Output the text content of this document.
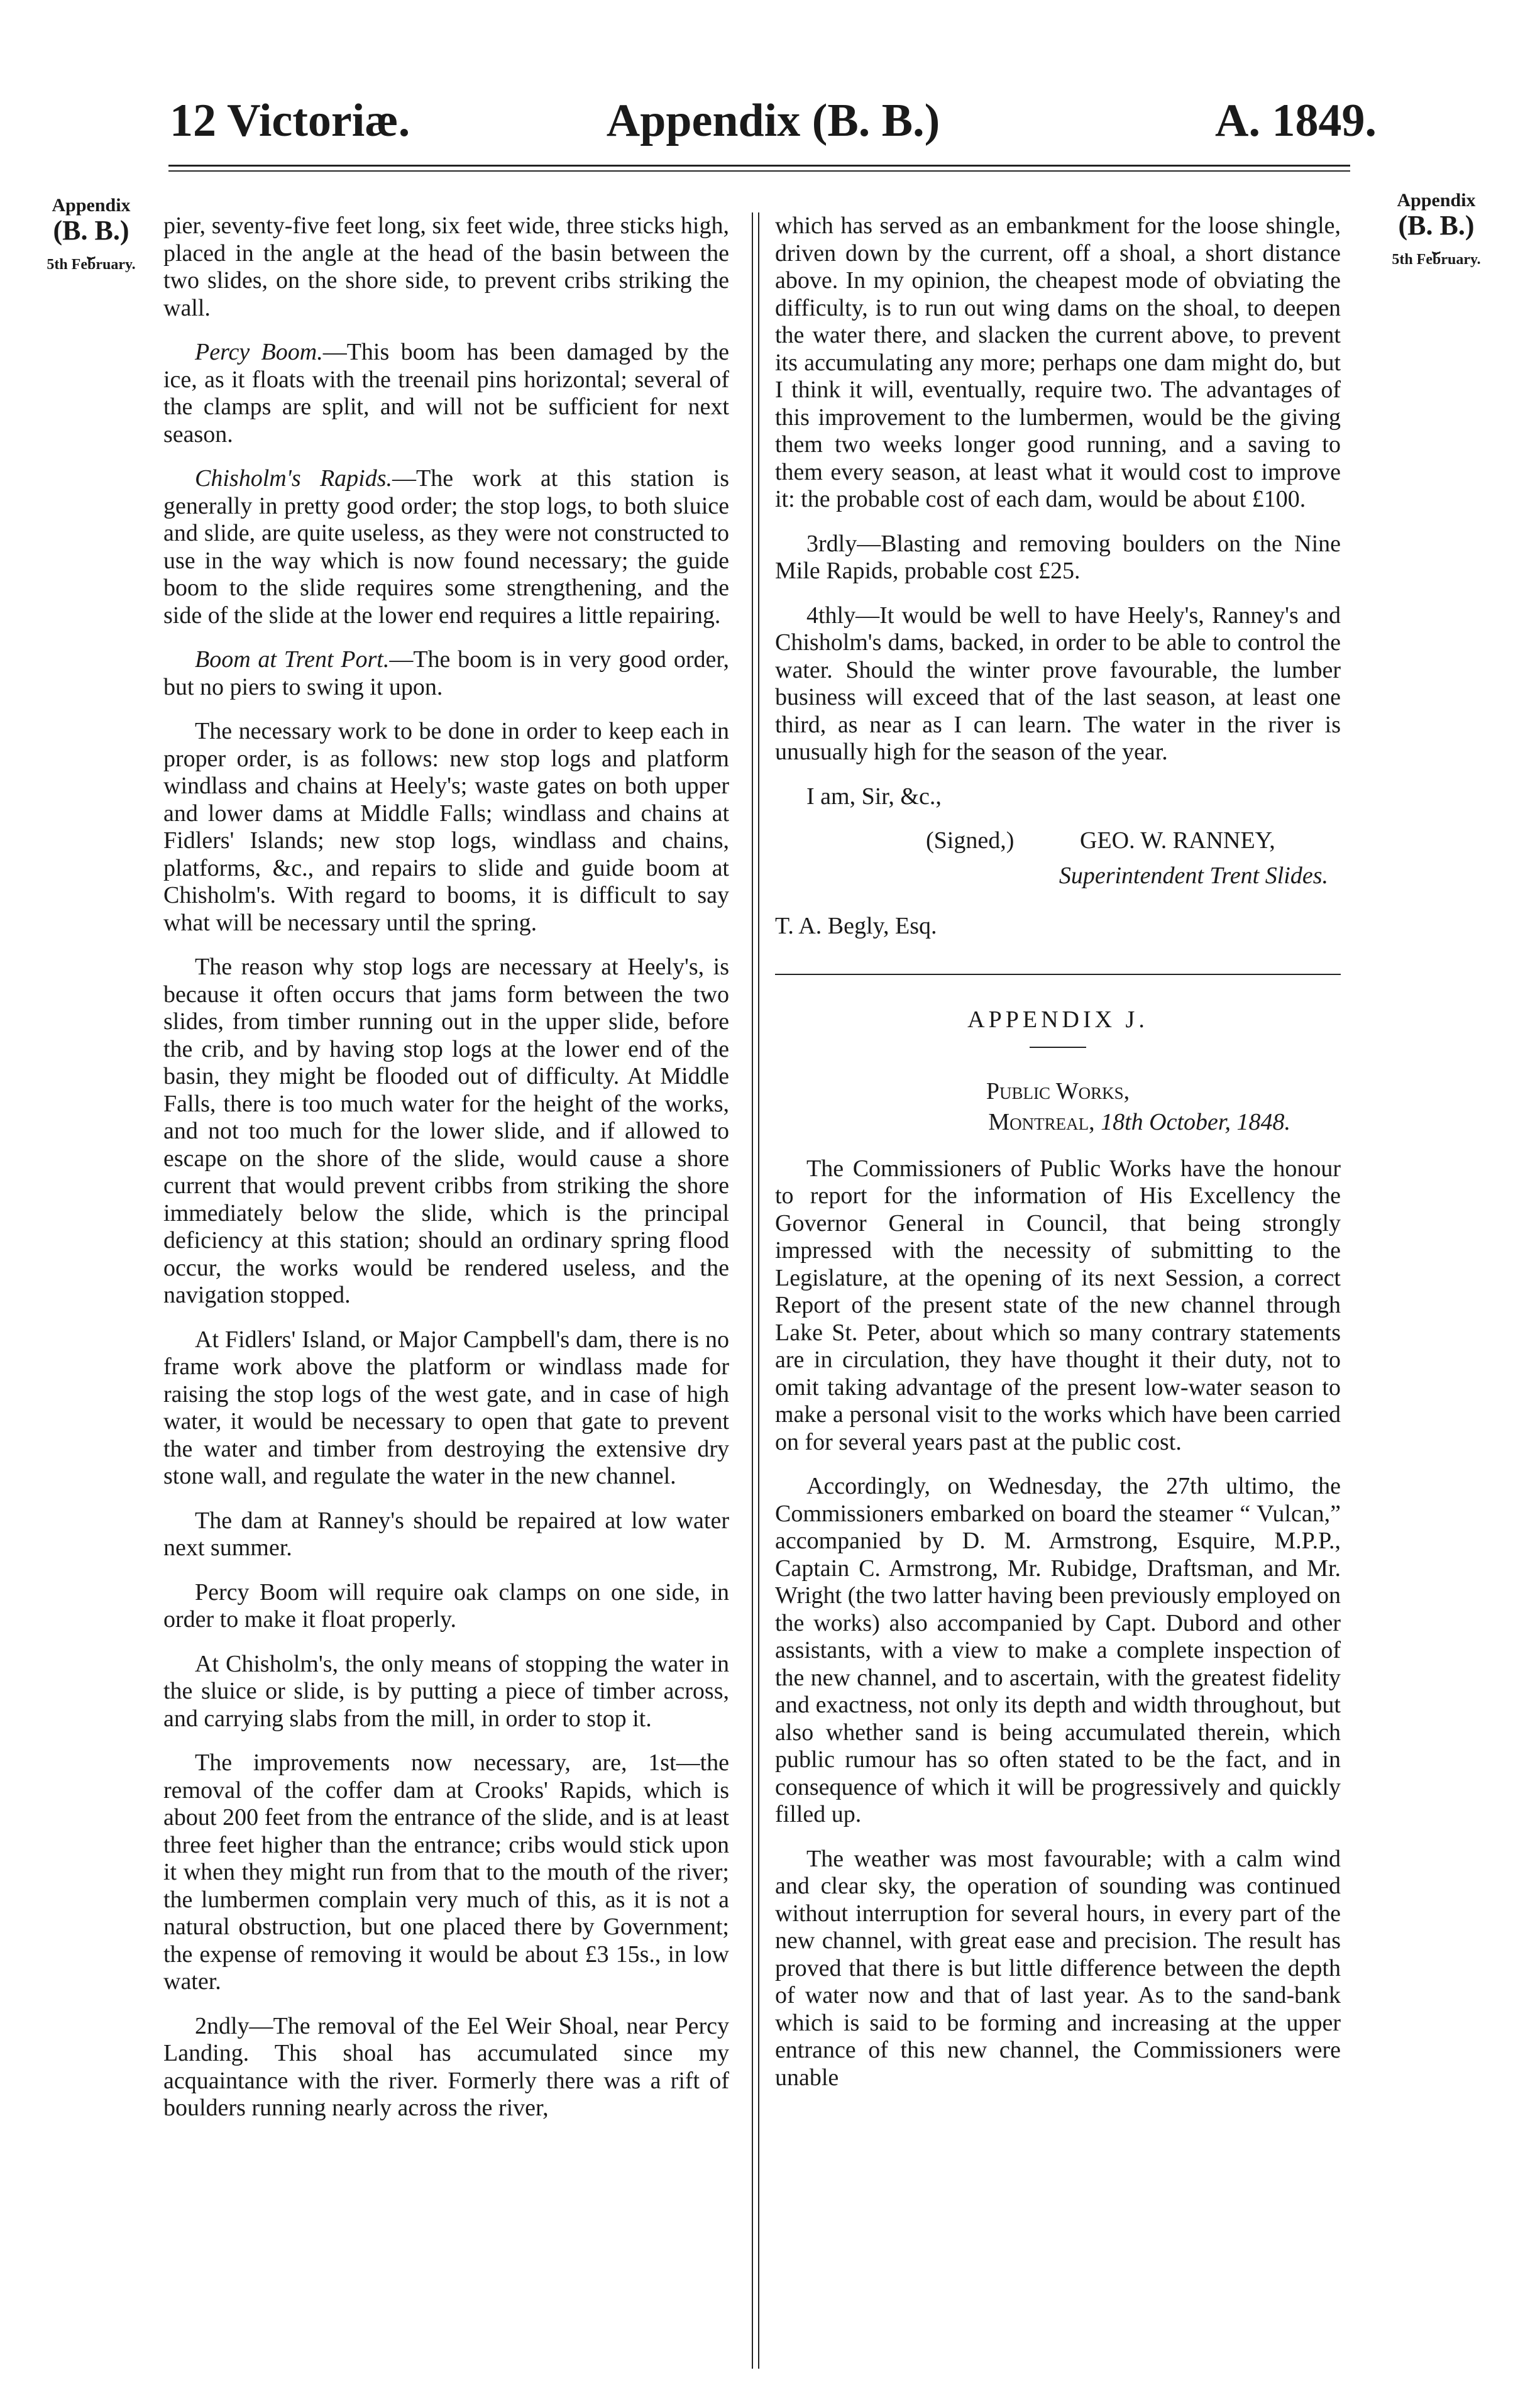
12 Victoriæ.	Appendix (B. B.)	A. 1849.
Appendix
(B. B.)
⏟
5th February.
Appendix
(B. B.)
⏟
5th February.

pier, seventy-five feet long, six feet wide, three sticks high, placed in the angle at the head of the basin between the two slides, on the shore side, to prevent cribs striking the wall.

Percy Boom.—This boom has been damaged by the ice, as it floats with the treenail pins horizontal; several of the clamps are split, and will not be sufficient for next season.

Chisholm's Rapids.—The work at this station is generally in pretty good order; the stop logs, to both sluice and slide, are quite useless, as they were not constructed to use in the way which is now found necessary; the guide boom to the slide requires some strengthening, and the side of the slide at the lower end requires a little repairing.

Boom at Trent Port.—The boom is in very good order, but no piers to swing it upon.

The necessary work to be done in order to keep each in proper order, is as follows: new stop logs and platform windlass and chains at Heely's; waste gates on both upper and lower dams at Middle Falls; windlass and chains at Fidlers' Islands; new stop logs, windlass and chains, platforms, &c., and repairs to slide and guide boom at Chisholm's. With regard to booms, it is difficult to say what will be necessary until the spring.

The reason why stop logs are necessary at Heely's, is because it often occurs that jams form between the two slides, from timber running out in the upper slide, before the crib, and by having stop logs at the lower end of the basin, they might be flooded out of difficulty. At Middle Falls, there is too much water for the height of the works, and not too much for the lower slide, and if allowed to escape on the shore of the slide, would cause a shore current that would prevent cribbs from striking the shore immediately below the slide, which is the principal deficiency at this station; should an ordinary spring flood occur, the works would be rendered useless, and the navigation stopped.

At Fidlers' Island, or Major Campbell's dam, there is no frame work above the platform or windlass made for raising the stop logs of the west gate, and in case of high water, it would be necessary to open that gate to prevent the water and timber from destroying the extensive dry stone wall, and regulate the water in the new channel.

The dam at Ranney's should be repaired at low water next summer.

Percy Boom will require oak clamps on one side, in order to make it float properly.

At Chisholm's, the only means of stopping the water in the sluice or slide, is by putting a piece of timber across, and carrying slabs from the mill, in order to stop it.

The improvements now necessary, are, 1st—the removal of the coffer dam at Crooks' Rapids, which is about 200 feet from the entrance of the slide, and is at least three feet higher than the entrance; cribs would stick upon it when they might run from that to the mouth of the river; the lumbermen complain very much of this, as it is not a natural obstruction, but one placed there by Government; the expense of removing it would be about £3 15s., in low water.

2ndly—The removal of the Eel Weir Shoal, near Percy Landing. This shoal has accumulated since my acquaintance with the river. Formerly there was a rift of boulders running nearly across the river,

which has served as an embankment for the loose shingle, driven down by the current, off a shoal, a short distance above. In my opinion, the cheapest mode of obviating the difficulty, is to run out wing dams on the shoal, to deepen the water there, and slacken the current above, to prevent its accumulating any more; perhaps one dam might do, but I think it will, eventually, require two. The advantages of this improvement to the lumbermen, would be the giving them two weeks longer good running, and a saving to them every season, at least what it would cost to improve it: the probable cost of each dam, would be about £100.

3rdly—Blasting and removing boulders on the Nine Mile Rapids, probable cost £25.

4thly—It would be well to have Heely's, Ranney's and Chisholm's dams, backed, in order to be able to control the water. Should the winter prove favourable, the lumber business will exceed that of the last season, at least one third, as near as I can learn. The water in the river is unusually high for the season of the year.

I am, Sir, &c.,

(Signed,)	GEO. W. RANNEY,
Superintendent Trent Slides.
T. A. Begly, Esq.
APPENDIX J.
Public Works,
Montreal, 18th October, 1848.

The Commissioners of Public Works have the honour to report for the information of His Excellency the Governor General in Council, that being strongly impressed with the necessity of submitting to the Legislature, at the opening of its next Session, a correct Report of the present state of the new channel through Lake St. Peter, about which so many contrary statements are in circulation, they have thought it their duty, not to omit taking advantage of the present low-water season to make a personal visit to the works which have been carried on for several years past at the public cost.

Accordingly, on Wednesday, the 27th ultimo, the Commissioners embarked on board the steamer “ Vulcan,” accompanied by D. M. Armstrong, Esquire, M.P.P., Captain C. Armstrong, Mr. Rubidge, Draftsman, and Mr. Wright (the two latter having been previously employed on the works) also accompanied by Capt. Dubord and other assistants, with a view to make a complete inspection of the new channel, and to ascertain, with the greatest fidelity and exactness, not only its depth and width throughout, but also whether sand is being accumulated therein, which public rumour has so often stated to be the fact, and in consequence of which it will be progressively and quickly filled up.

The weather was most favourable; with a calm wind and clear sky, the operation of sounding was continued without interruption for several hours, in every part of the new channel, with great ease and precision. The result has proved that there is but little difference between the depth of water now and that of last year. As to the sand-bank which is said to be forming and increasing at the upper entrance of this new channel, the Commissioners were unable
